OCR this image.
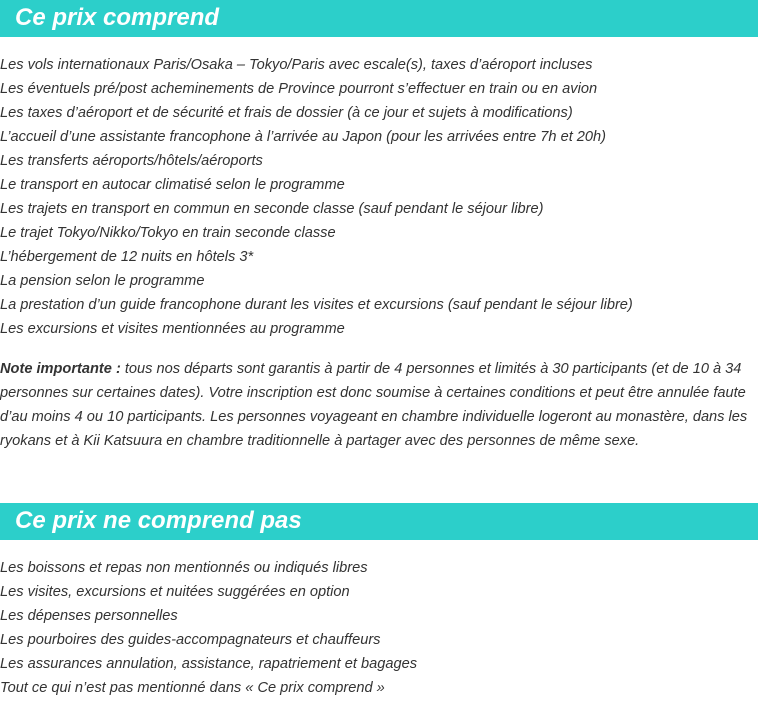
Ce prix comprend
Les vols internationaux Paris/Osaka – Tokyo/Paris avec escale(s), taxes d’aéroport incluses
Les éventuels pré/post acheminements de Province pourront s’effectuer en train ou en avion
Les taxes d’aéroport et de sécurité et frais de dossier (à ce jour et sujets à modifications)
L’accueil d’une assistante francophone à l’arrivée au Japon (pour les arrivées entre 7h et 20h)
Les transferts aéroports/hôtels/aéroports
Le transport en autocar climatisé selon le programme
Les trajets en transport en commun en seconde classe (sauf pendant le séjour libre)
Le trajet Tokyo/Nikko/Tokyo en train seconde classe
L’hébergement de 12 nuits en hôtels 3*
La pension selon le programme
La prestation d’un guide francophone durant les visites et excursions (sauf pendant le séjour libre)
Les excursions et visites mentionnées au programme

Note importante : tous nos départs sont garantis à partir de 4 personnes et limités à 30 participants (et de 10 à 34 personnes sur certaines dates). Votre inscription est donc soumise à certaines conditions et peut être annulée faute d’au moins 4 ou 10 participants. Les personnes voyageant en chambre individuelle logeront au monastère, dans les ryokans et à Kii Katsuura en chambre traditionnelle à partager avec des personnes de même sexe.

Ce prix ne comprend pas
Les boissons et repas non mentionnés ou indiqués libres
Les visites, excursions et nuitées suggérées en option
Les dépenses personnelles
Les pourboires des guides-accompagnateurs et chauffeurs
Les assurances annulation, assistance, rapatriement et bagages
Tout ce qui n’est pas mentionné dans « Ce prix comprend »
